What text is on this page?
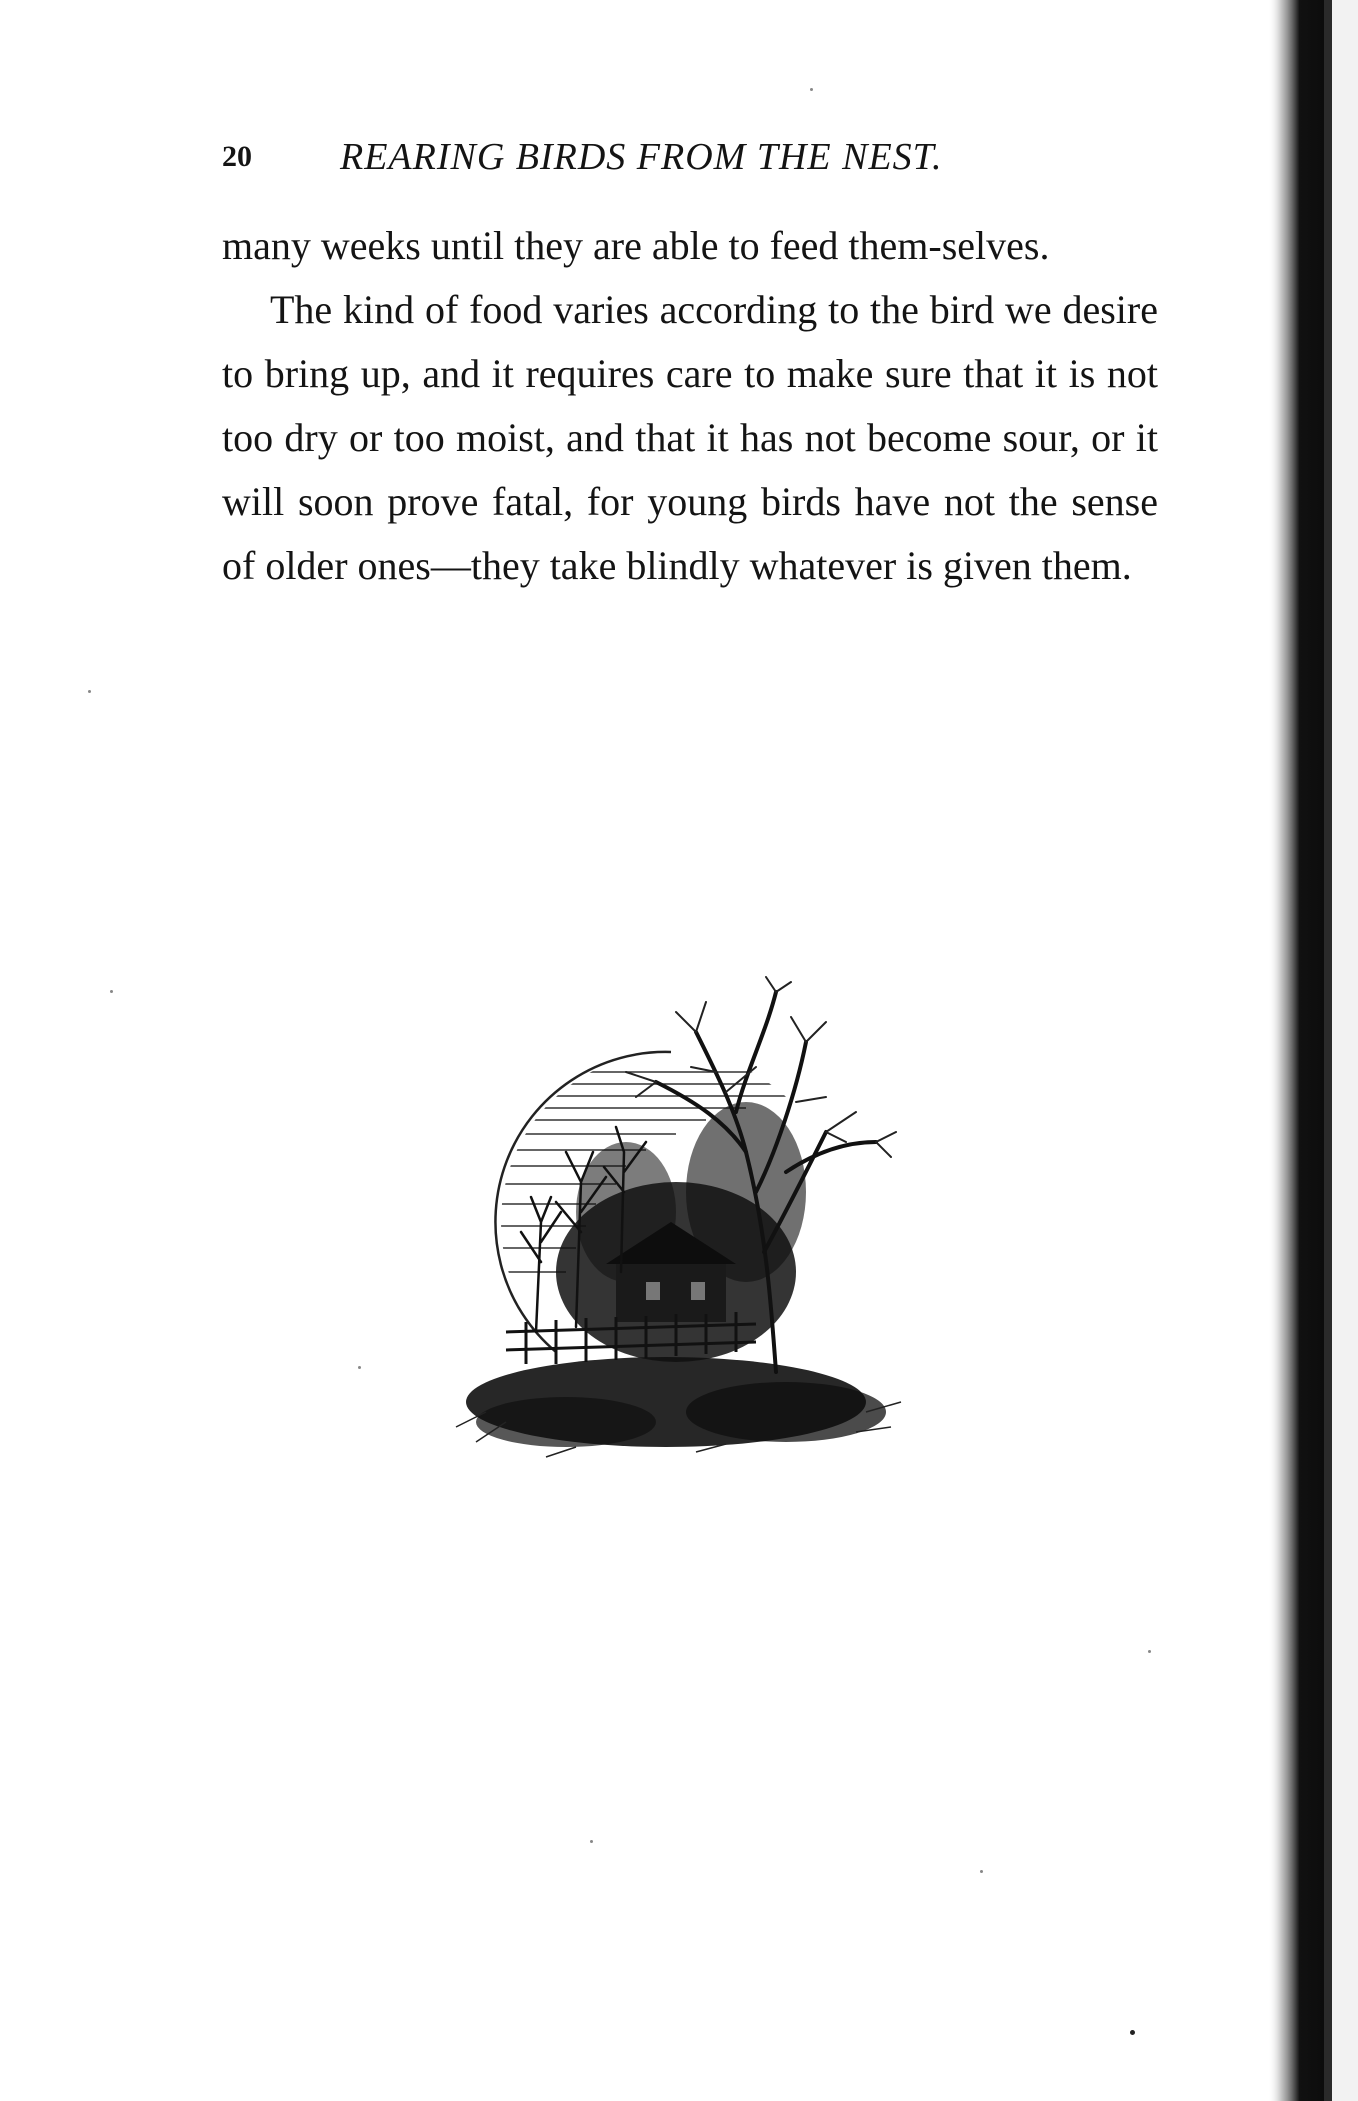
20 REARING BIRDS FROM THE NEST.

many weeks until they are able to feed them-selves.

The kind of food varies according to the bird we desire to bring up, and it requires care to make sure that it is not too dry or too moist, and that it has not become sour, or it will soon prove fatal, for young birds have not the sense of older ones—they take blindly whatever is given them.
